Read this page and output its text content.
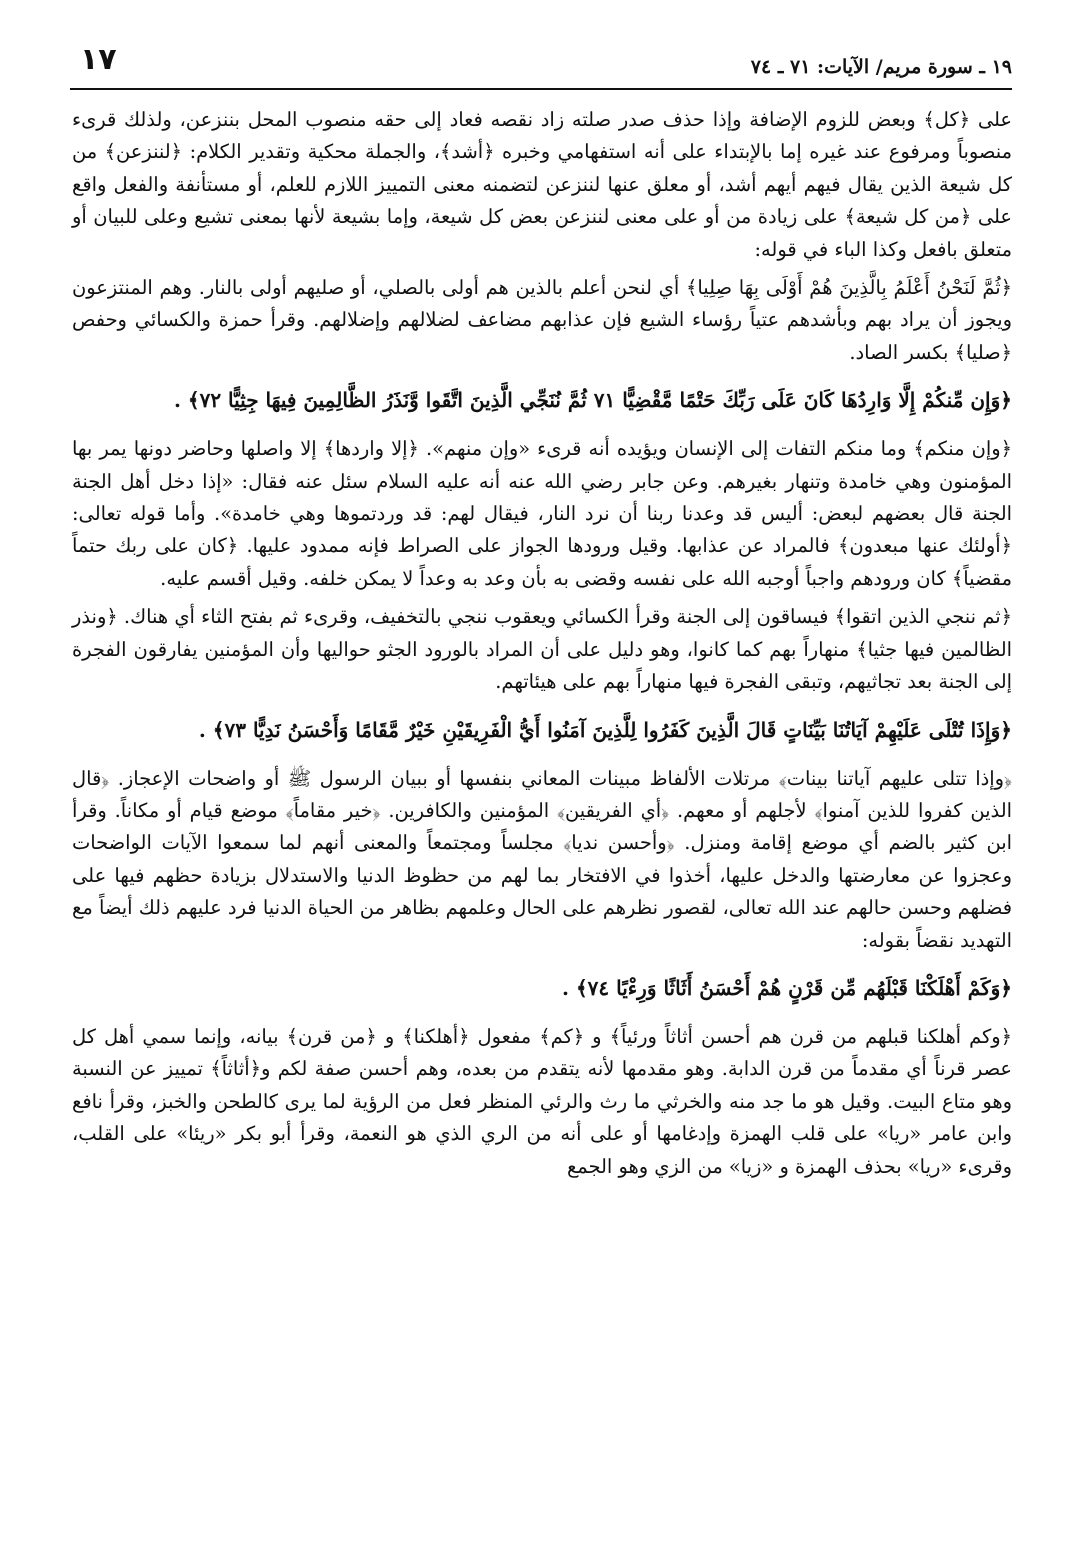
١٧	١٩ ـ سورة مريم/ الآيات: ٧١ ـ ٧٤

على ﴿كل﴾ وبعض للزوم الإضافة وإذا حذف صدر صلته زاد نقصه فعاد إلى حقه منصوب المحل بننزعن، ولذلك قرىء منصوباً ومرفوع عند غيره إما بالإبتداء على أنه استفهامي وخبره ﴿أشد﴾، والجملة محكية وتقدير الكلام: ﴿لننزعن﴾ من كل شيعة الذين يقال فيهم أيهم أشد، أو معلق عنها لننزعن لتضمنه معنى التمييز اللازم للعلم، أو مستأنفة والفعل واقع على ﴿من كل شيعة﴾ على زيادة من أو على معنى لننزعن بعض كل شيعة، وإما بشيعة لأنها بمعنى تشيع وعلى للبيان أو متعلق بافعل وكذا الباء في قوله:

﴿ثُمَّ لَنَحْنُ أَعْلَمُ بِالَّذِينَ هُمْ أَوْلَى بِهَا صِلِيا﴾ أي لنحن أعلم بالذين هم أولى بالصلي، أو صليهم أولى بالنار. وهم المنتزعون ويجوز أن يراد بهم وبأشدهم عتياً رؤساء الشيع فإن عذابهم مضاعف لضلالهم وإضلالهم. وقرأ حمزة والكسائي وحفص ﴿صليا﴾ بكسر الصاد.

﴿وَإِن مِّنكُمْ إِلَّا وَارِدُهَا كَانَ عَلَى رَبِّكَ حَتْمًا مَّقْضِيًّا ٧١ ثُمَّ نُنَجِّي الَّذِينَ اتَّقَوا وَّنَذَرُ الظَّالِمِينَ فِيهَا جِثِيًّا ٧٢﴾ .

﴿وإن منكم﴾ وما منكم التفات إلى الإنسان ويؤيده أنه قرىء «وإن منهم». ﴿إلا واردها﴾ إلا واصلها وحاضر دونها يمر بها المؤمنون وهي خامدة وتنهار بغيرهم. وعن جابر رضي الله عنه أنه عليه السلام سئل عنه فقال: «إذا دخل أهل الجنة الجنة قال بعضهم لبعض: أليس قد وعدنا ربنا أن نرد النار، فيقال لهم: قد وردتموها وهي خامدة». وأما قوله تعالى: ﴿أولئك عنها مبعدون﴾ فالمراد عن عذابها. وقيل ورودها الجواز على الصراط فإنه ممدود عليها. ﴿كان على ربك حتماً مقضياً﴾ كان ورودهم واجباً أوجبه الله على نفسه وقضى به بأن وعد به وعداً لا يمكن خلفه. وقيل أقسم عليه.

﴿ثم ننجي الذين اتقوا﴾ فيساقون إلى الجنة وقرأ الكسائي ويعقوب ننجي بالتخفيف، وقرىء ثم بفتح الثاء أي هناك. ﴿ونذر الظالمين فيها جثيا﴾ منهاراً بهم كما كانوا، وهو دليل على أن المراد بالورود الجثو حواليها وأن المؤمنين يفارقون الفجرة إلى الجنة بعد تجاثيهم، وتبقى الفجرة فيها منهاراً بهم على هيئاتهم.

﴿وَإِذَا تُتْلَى عَلَيْهِمْ آيَاتُنَا بَيِّنَاتٍ قَالَ الَّذِينَ كَفَرُوا لِلَّذِينَ آمَنُوا أَيُّ الْفَرِيقَيْنِ خَيْرٌ مَّقَامًا وَأَحْسَنُ نَدِيًّا ٧٣﴾ .

﴿وإذا تتلى عليهم آياتنا بينات﴾ مرتلات الألفاظ مبينات المعاني بنفسها أو ببيان الرسول ﷺ أو واضحات الإعجاز. ﴿قال الذين كفروا للذين آمنوا﴾ لأجلهم أو معهم. ﴿أي الفريقين﴾ المؤمنين والكافرين. ﴿خير مقاماً﴾ موضع قيام أو مكاناً. وقرأ ابن كثير بالضم أي موضع إقامة ومنزل. ﴿وأحسن نديا﴾ مجلساً ومجتمعاً والمعنى أنهم لما سمعوا الآيات الواضحات وعجزوا عن معارضتها والدخل عليها، أخذوا في الافتخار بما لهم من حظوظ الدنيا والاستدلال بزيادة حظهم فيها على فضلهم وحسن حالهم عند الله تعالى، لقصور نظرهم على الحال وعلمهم بظاهر من الحياة الدنيا فرد عليهم ذلك أيضاً مع التهديد نقضاً بقوله:

﴿وَكَمْ أَهْلَكْنَا قَبْلَهُم مِّن قَرْنٍ هُمْ أَحْسَنُ أَثَاثًا وَرِءْيًا ٧٤﴾ .

﴿وكم أهلكنا قبلهم من قرن هم أحسن أثاثاً ورئياً﴾ و ﴿كم﴾ مفعول ﴿أهلكنا﴾ و ﴿من قرن﴾ بيانه، وإنما سمي أهل كل عصر قرناً أي مقدماً من قرن الدابة. وهو مقدمها لأنه يتقدم من بعده، وهم أحسن صفة لكم و﴿أثاثاً﴾ تمييز عن النسبة وهو متاع البيت. وقيل هو ما جد منه والخرثي ما رث والرئي المنظر فعل من الرؤية لما يرى كالطحن والخبز، وقرأ نافع وابن عامر «ريا» على قلب الهمزة وإدغامها أو على أنه من الري الذي هو النعمة، وقرأ أبو بكر «ريئا» على القلب، وقرىء «ريا» بحذف الهمزة و «زيا» من الزي وهو الجمع
